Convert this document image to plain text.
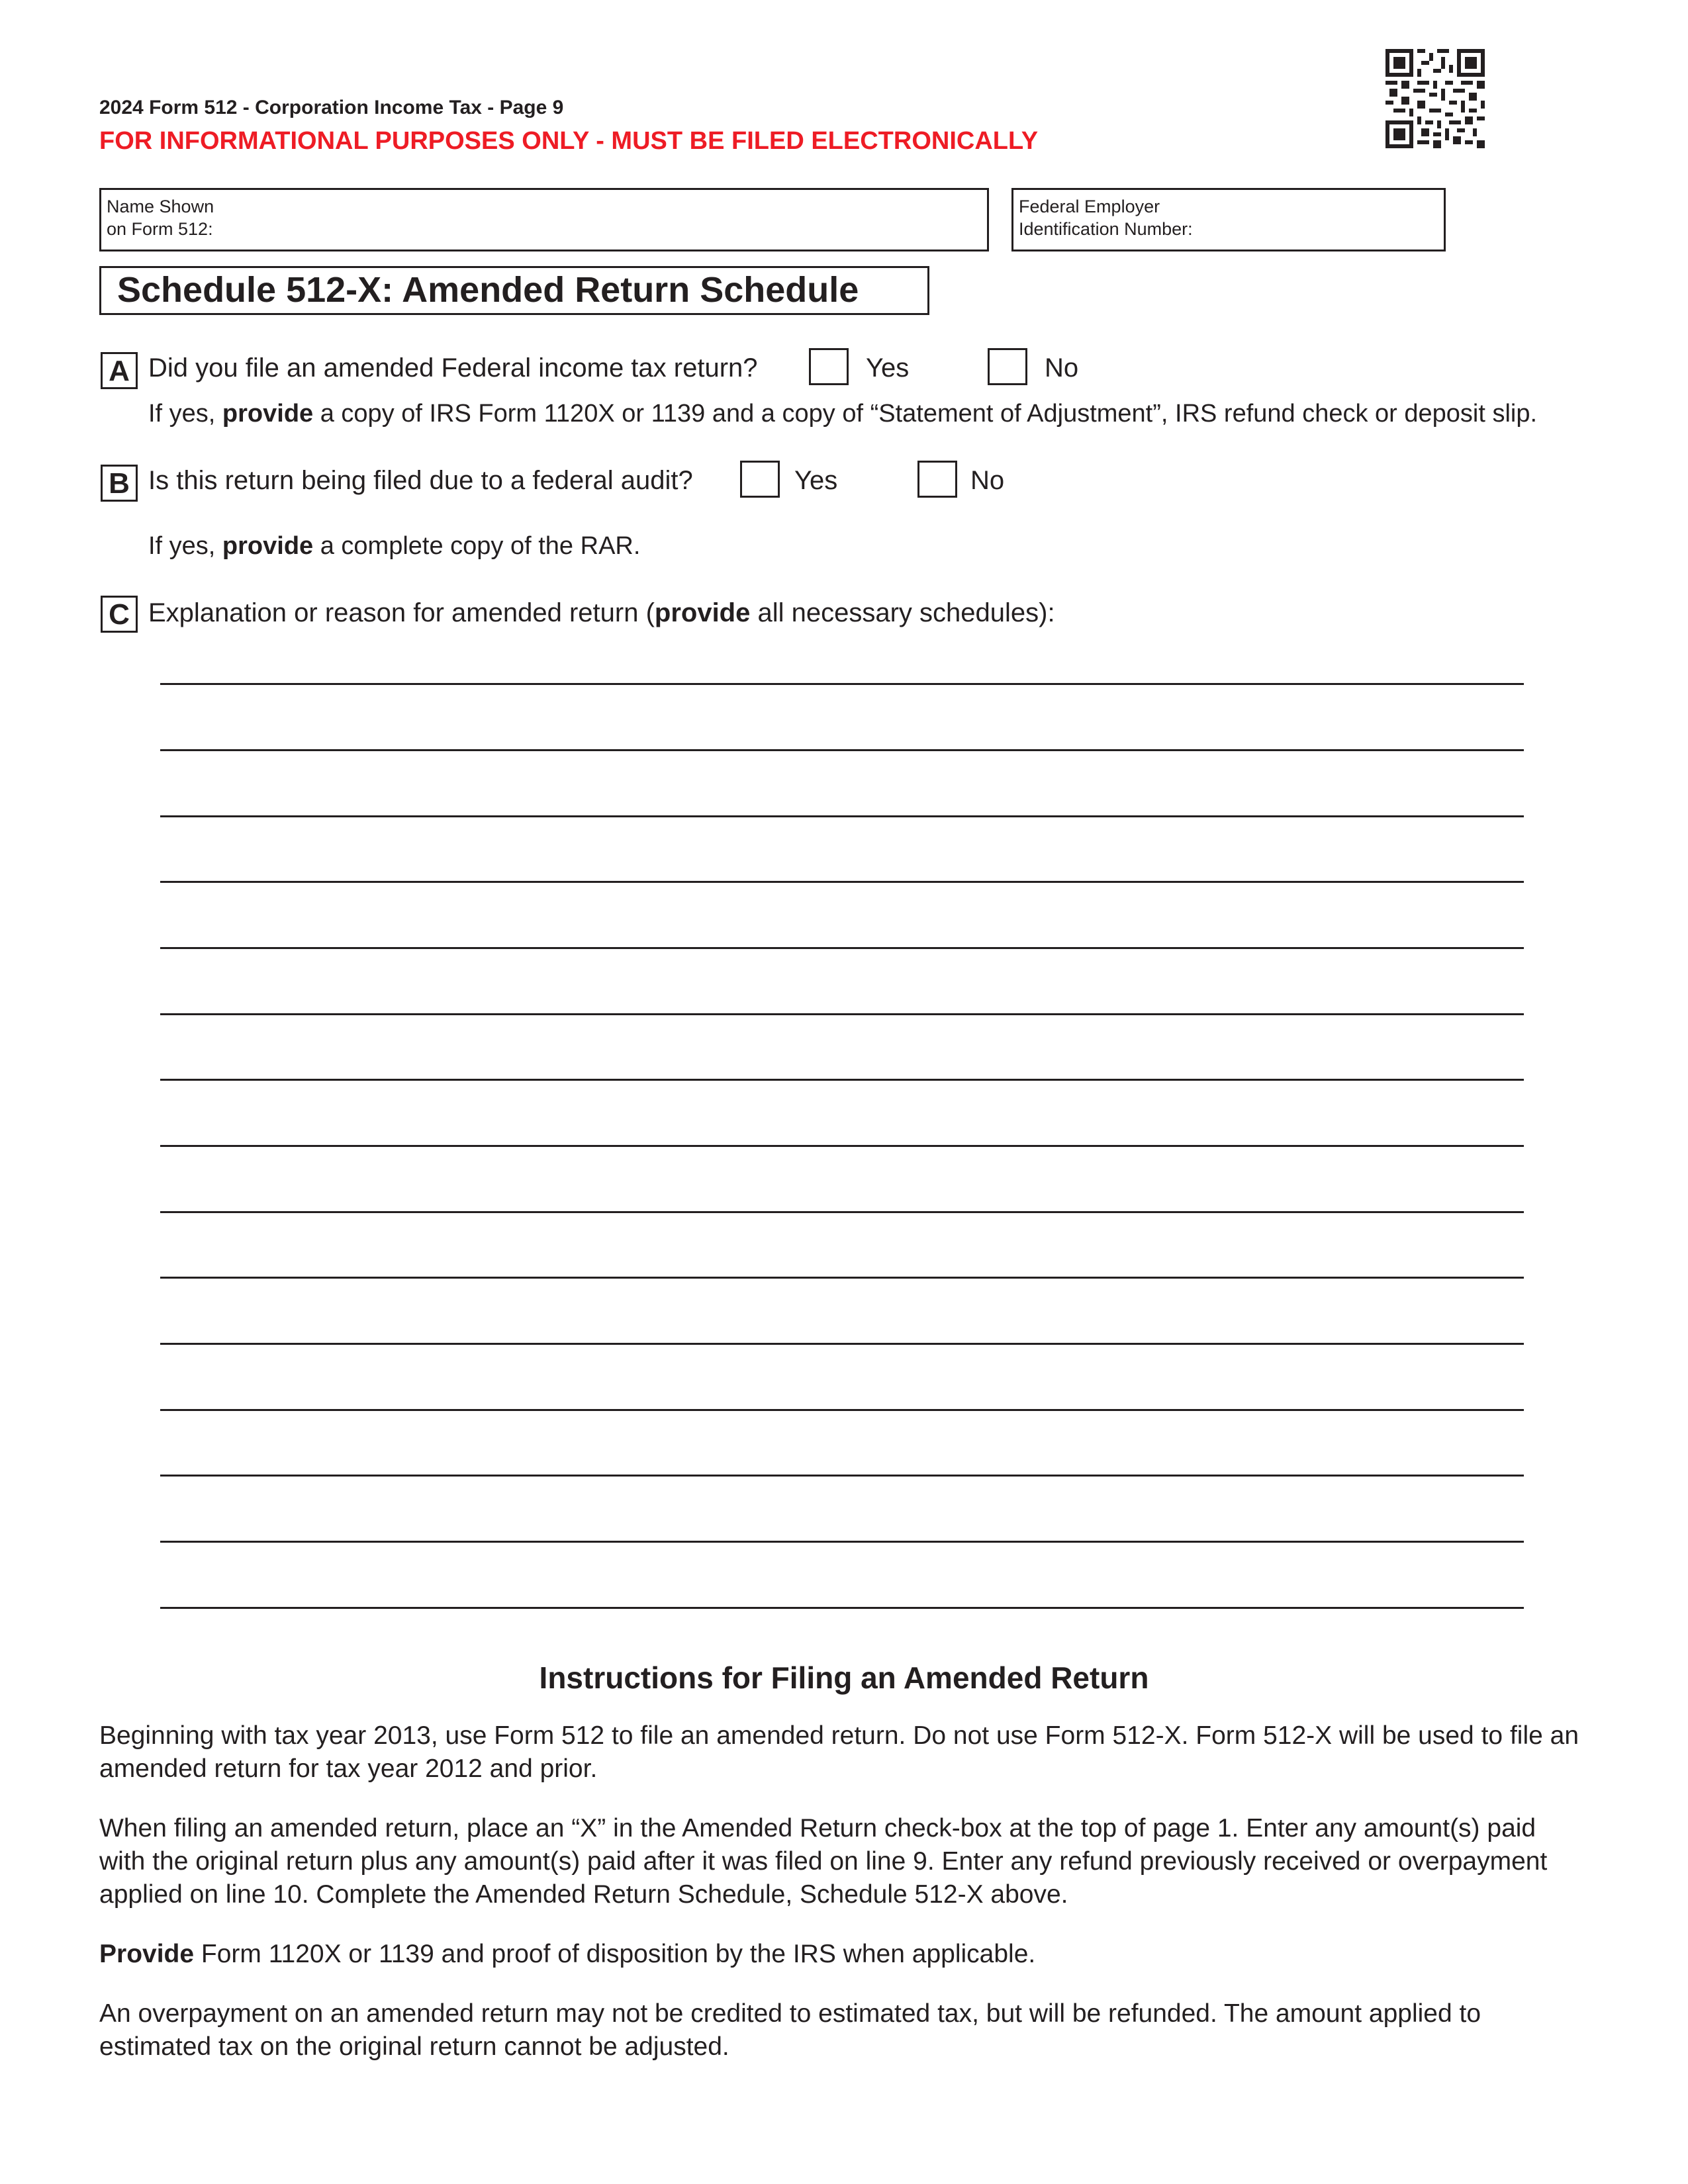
2024 Form 512 - Corporation Income Tax - Page 9
FOR INFORMATIONAL PURPOSES ONLY - MUST BE FILED ELECTRONICALLY
Name Shown
on Form 512:
Federal Employer
Identification Number:
Schedule 512-X: Amended Return Schedule
A Did you file an amended Federal income tax return?	Yes	No
If yes, provide a copy of IRS Form 1120X or 1139 and a copy of “Statement of Adjustment”, IRS refund check or deposit slip.
B Is this return being filed due to a federal audit?	Yes	No
If yes, provide a complete copy of the RAR.
C Explanation or reason for amended return (provide all necessary schedules):
Instructions for Filing an Amended Return
Beginning with tax year 2013, use Form 512 to file an amended return. Do not use Form 512-X. Form 512-X will be used to file an amended return for tax year 2012 and prior.
When filing an amended return, place an “X” in the Amended Return check-box at the top of page 1. Enter any amount(s) paid with the original return plus any amount(s) paid after it was filed on line 9. Enter any refund previously received or overpayment applied on line 10. Complete the Amended Return Schedule, Schedule 512-X above.
Provide Form 1120X or 1139 and proof of disposition by the IRS when applicable.
An overpayment on an amended return may not be credited to estimated tax, but will be refunded. The amount applied to estimated tax on the original return cannot be adjusted.
